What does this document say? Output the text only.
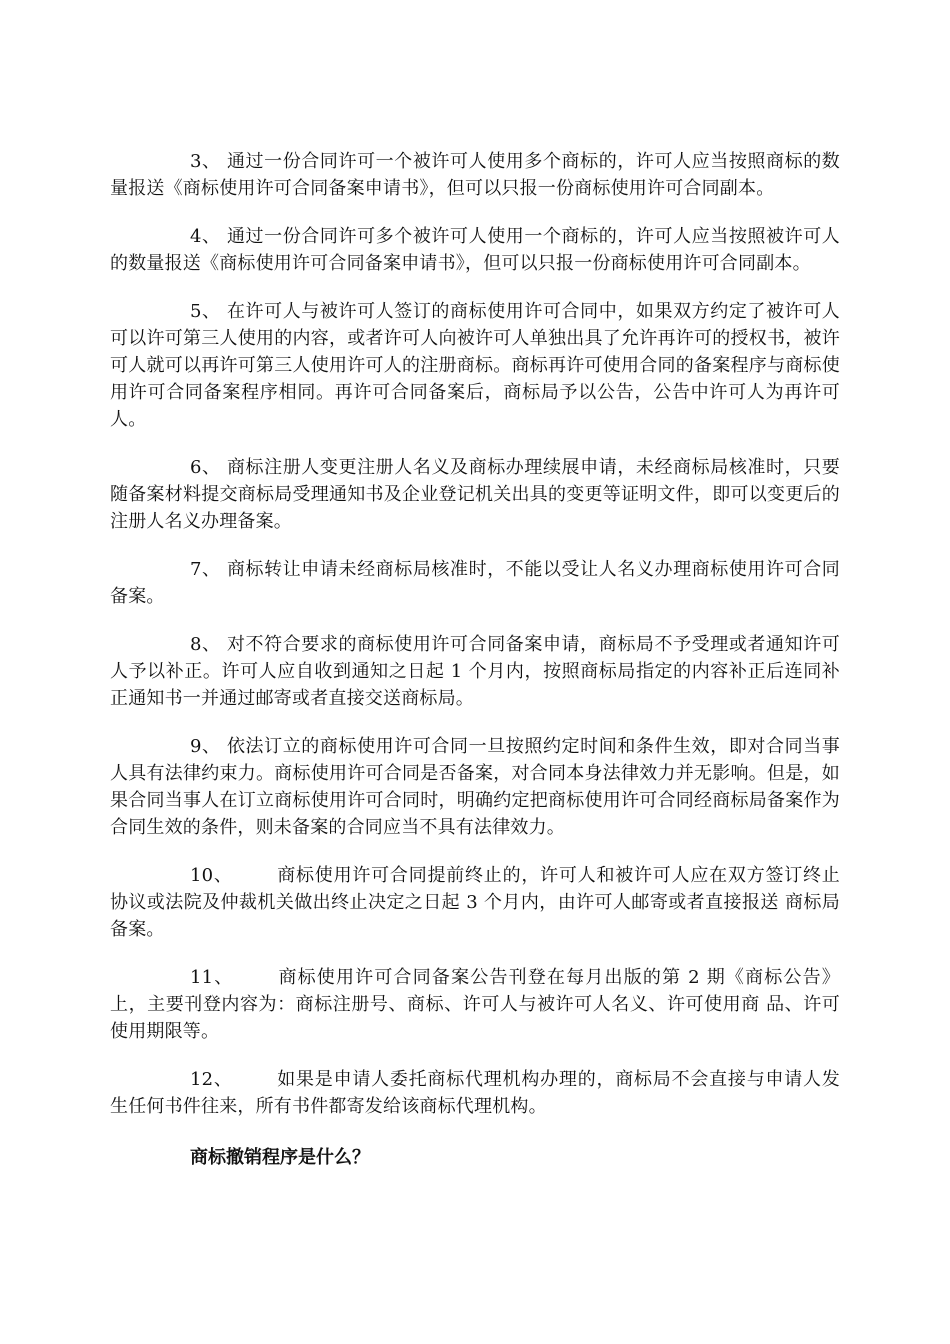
3、 通过一份合同许可一个被许可人使用多个商标的，许可人应当按照商标的数量报送《商标使用许可合同备案申请书》，但可以只报一份商标使用许可合同副本。

4、 通过一份合同许可多个被许可人使用一个商标的，许可人应当按照被许可人的数量报送《商标使用许可合同备案申请书》，但可以只报一份商标使用许可合同副本。

5、 在许可人与被许可人签订的商标使用许可合同中，如果双方约定了被许可人可以许可第三人使用的内容，或者许可人向被许可人单独出具了允许再许可的授权书，被许可人就可以再许可第三人使用许可人的注册商标。商标再许可使用合同的备案程序与商标使用许可合同备案程序相同。再许可合同备案后，商标局予以公告，公告中许可人为再许可人。

6、 商标注册人变更注册人名义及商标办理续展申请，未经商标局核准时，只要随备案材料提交商标局受理通知书及企业登记机关出具的变更等证明文件，即可以变更后的注册人名义办理备案。

7、 商标转让申请未经商标局核准时，不能以受让人名义办理商标使用许可合同备案。

8、 对不符合要求的商标使用许可合同备案申请，商标局不予受理或者通知许可人予以补正。许可人应自收到通知之日起 1 个月内，按照商标局指定的内容补正后连同补正通知书一并通过邮寄或者直接交送商标局。

9、 依法订立的商标使用许可合同一旦按照约定时间和条件生效，即对合同当事人具有法律约束力。商标使用许可合同是否备案，对合同本身法律效力并无影响。但是，如果合同当事人在订立商标使用许可合同时，明确约定把商标使用许可合同经商标局备案作为合同生效的条件，则未备案的合同应当不具有法律效力。

10、 商标使用许可合同提前终止的，许可人和被许可人应在双方签订终止 协议或法院及仲裁机关做出终止决定之日起 3 个月内，由许可人邮寄或者直接报送 商标局备案。

11、 商标使用许可合同备案公告刊登在每月出版的第 2 期《商标公告》 上，主要刊登内容为：商标注册号、商标、许可人与被许可人名义、许可使用商 品、许可使用期限等。

12、 如果是申请人委托商标代理机构办理的，商标局不会直接与申请人发 生任何书件往来，所有书件都寄发给该商标代理机构。

商标撤销程序是什么？
